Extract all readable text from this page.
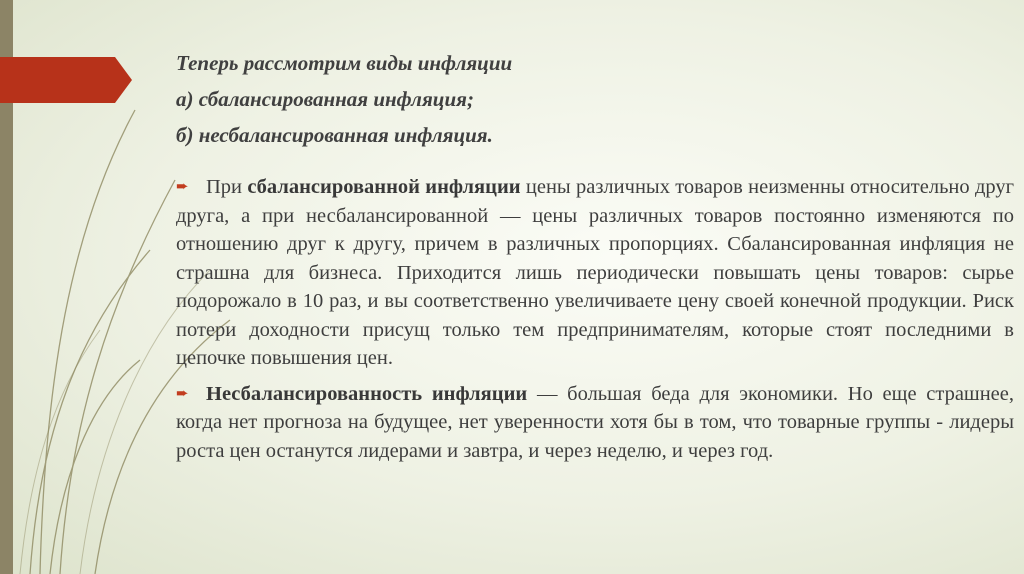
Теперь рассмотрим виды инфляции

а) сбалансированная инфляция;

б) несбалансированная инфляция.

➨ При сбалансированной инфляции цены различных товаров неизменны относительно друг друга, а при несбалансированной — цены различных товаров постоянно изменяются по отношению друг к другу, причем в различных пропорциях. Сбалансированная инфляция не страшна для бизнеса. Приходится лишь периодически повышать цены товаров: сырье подорожало в 10 раз, и вы соответственно увеличиваете цену своей конечной продукции. Риск потери доходности присущ только тем предпринимателям, которые стоят последними в цепочке повышения цен.

➨ Несбалансированность инфляции — большая беда для экономики. Но еще страшнее, когда нет прогноза на будущее, нет уверенности хотя бы в том, что товарные группы - лидеры роста цен останутся лидерами и завтра, и через неделю, и через год.
